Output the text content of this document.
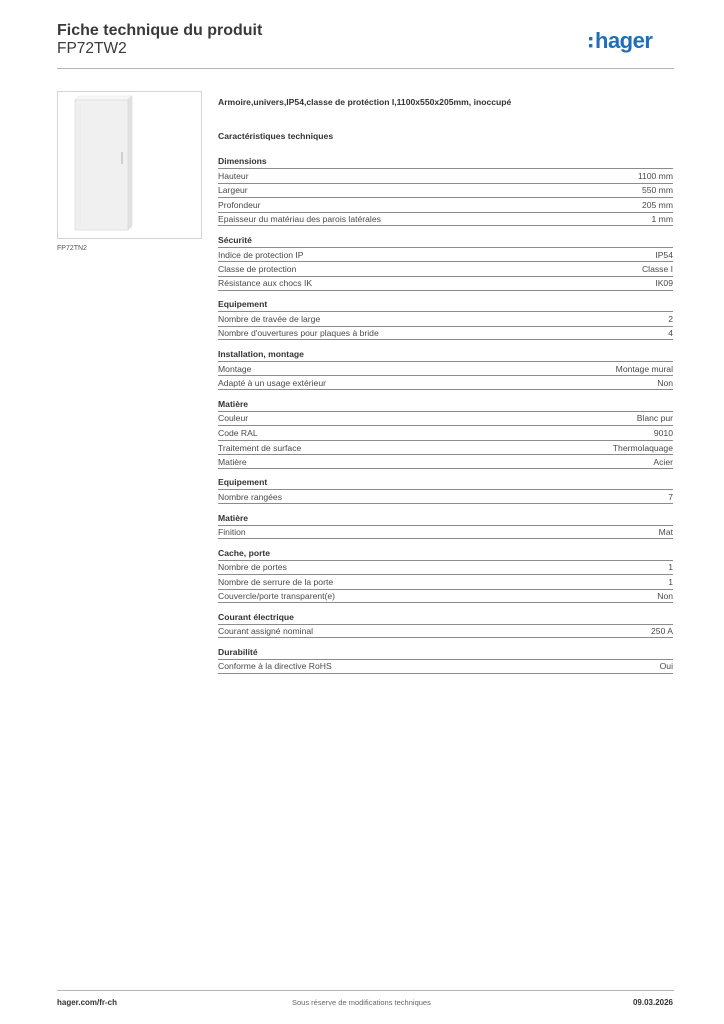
Fiche technique du produit
FP72TW2	hager
FP72TN2
Armoire,univers,IP54,classe de protéction I,1100x550x205mm, inoccupé
Caractéristiques techniques
Dimensions
Hauteur	1100 mm
Largeur	550 mm
Profondeur	205 mm
Epaisseur du matériau des parois latérales	1 mm
Sécurité
Indice de protection IP	IP54
Classe de protection	Classe I
Résistance aux chocs IK	IK09
Equipement
Nombre de travée de large	2
Nombre d'ouvertures pour plaques à bride	4
Installation, montage
Montage	Montage mural
Adapté à un usage extérieur	Non
Matière
Couleur	Blanc pur
Code RAL	9010
Traitement de surface	Thermolaquage
Matière	Acier
Equipement
Nombre rangées	7
Matière
Finition	Mat
Cache, porte
Nombre de portes	1
Nombre de serrure de la porte	1
Couvercle/porte transparent(e)	Non
Courant électrique
Courant assigné nominal	250 A
Durabilité
Conforme à la directive RoHS	Oui
hager.com/fr-ch	Sous réserve de modifications techniques	09.03.2026
